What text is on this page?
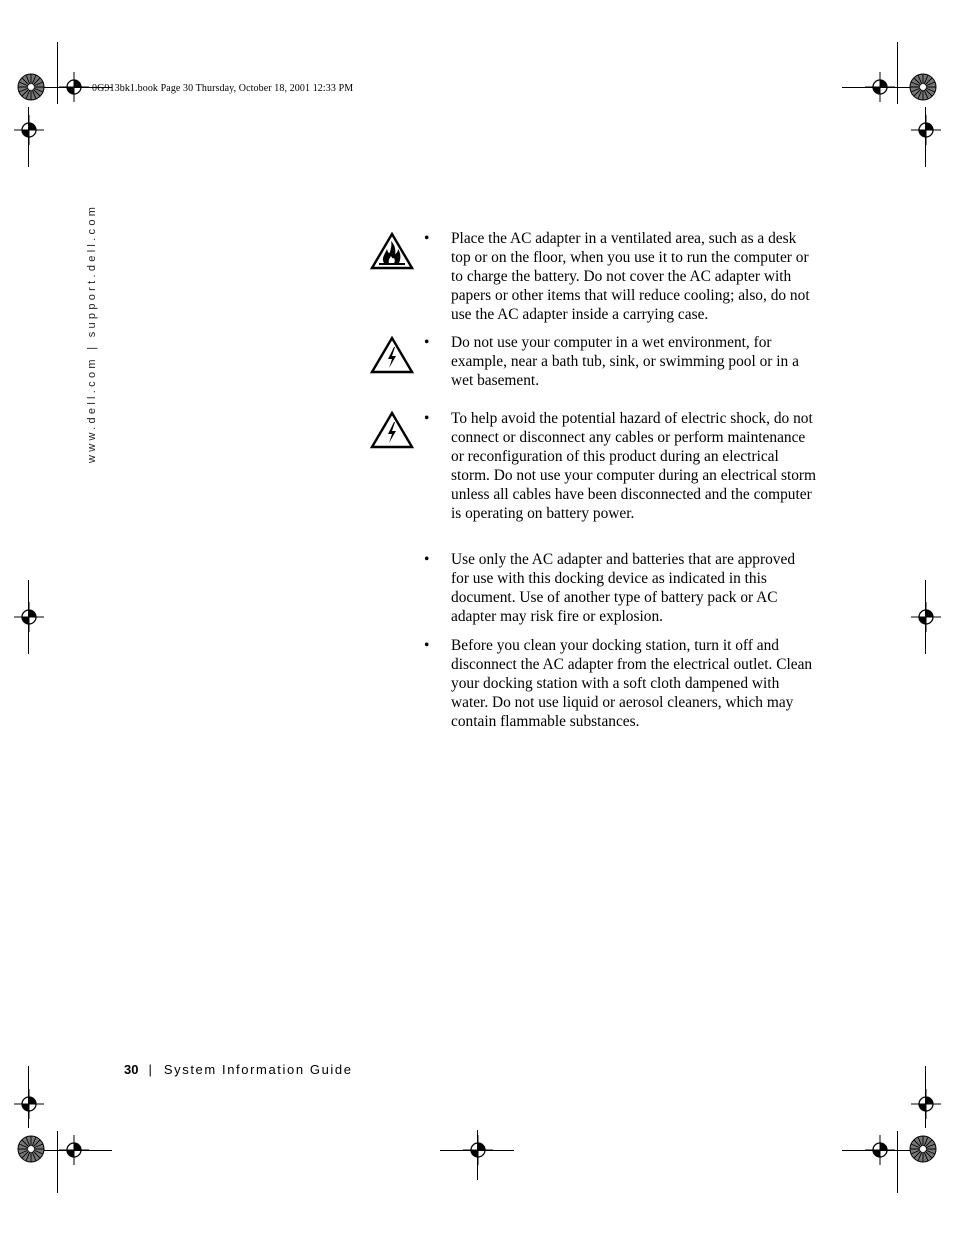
0G913bk1.book Page 30 Thursday, October 18, 2001 12:33 PM
www.dell.com | support.dell.com	• Place the AC adapter in a ventilated area, such as a desk top or on the floor, when you use it to run the computer or to charge the battery. Do not cover the AC adapter with papers or other items that will reduce cooling; also, do not use the AC adapter inside a carrying case.
• Do not use your computer in a wet environment, for example, near a bath tub, sink, or swimming pool or in a wet basement.
• To help avoid the potential hazard of electric shock, do not connect or disconnect any cables or perform maintenance or reconfiguration of this product during an electrical storm. Do not use your computer during an electrical storm unless all cables have been disconnected and the computer is operating on battery power.
• Use only the AC adapter and batteries that are approved for use with this docking device as indicated in this document. Use of another type of battery pack or AC adapter may risk fire or explosion.
• Before you clean your docking station, turn it off and disconnect the AC adapter from the electrical outlet. Clean your docking station with a soft cloth dampened with water. Do not use liquid or aerosol cleaners, which may contain flammable substances.
30 | System Information Guide
